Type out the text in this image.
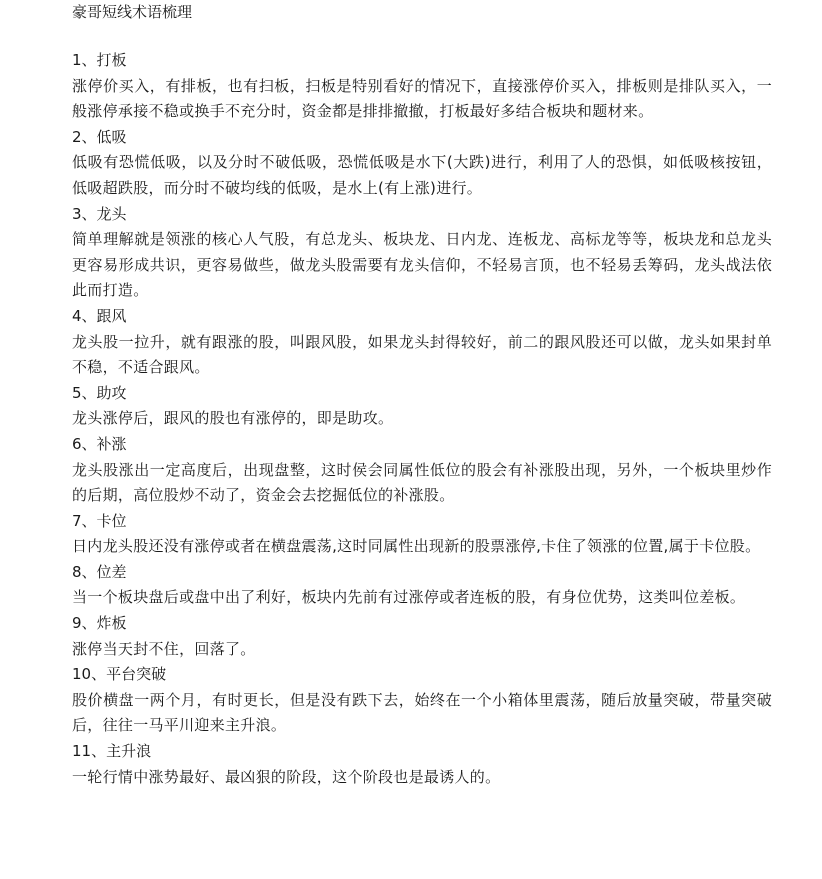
豪哥短线术语梳理

1、打板

涨停价买入，有排板，也有扫板，扫板是特别看好的情况下，直接涨停价买入，排板则是排队买入，一般涨停承接不稳或换手不充分时，资金都是排排撤撤，打板最好多结合板块和题材来。

2、低吸

低吸有恐慌低吸，以及分时不破低吸，恐慌低吸是水下(大跌)进行，利用了人的恐惧，如低吸核按钮，低吸超跌股，而分时不破均线的低吸，是水上(有上涨)进行。

3、龙头

简单理解就是领涨的核心人气股，有总龙头、板块龙、日内龙、连板龙、高标龙等等，板块龙和总龙头更容易形成共识，更容易做些，做龙头股需要有龙头信仰，不轻易言顶，也不轻易丢筹码，龙头战法依此而打造。

4、跟风

龙头股一拉升，就有跟涨的股，叫跟风股，如果龙头封得较好，前二的跟风股还可以做，龙头如果封单不稳，不适合跟风。

5、助攻

龙头涨停后，跟风的股也有涨停的，即是助攻。

6、补涨

龙头股涨出一定高度后，出现盘整，这时侯会同属性低位的股会有补涨股出现，另外，一个板块里炒作的后期，高位股炒不动了，资金会去挖掘低位的补涨股。

7、卡位

日内龙头股还没有涨停或者在横盘震荡,这时同属性出现新的股票涨停,卡住了领涨的位置,属于卡位股。

8、位差

当一个板块盘后或盘中出了利好，板块内先前有过涨停或者连板的股，有身位优势，这类叫位差板。

9、炸板

涨停当天封不住，回落了。

10、平台突破

股价横盘一两个月，有时更长，但是没有跌下去，始终在一个小箱体里震荡，随后放量突破，带量突破后，往往一马平川迎来主升浪。

11、主升浪

一轮行情中涨势最好、最凶狠的阶段，这个阶段也是最诱人的。
